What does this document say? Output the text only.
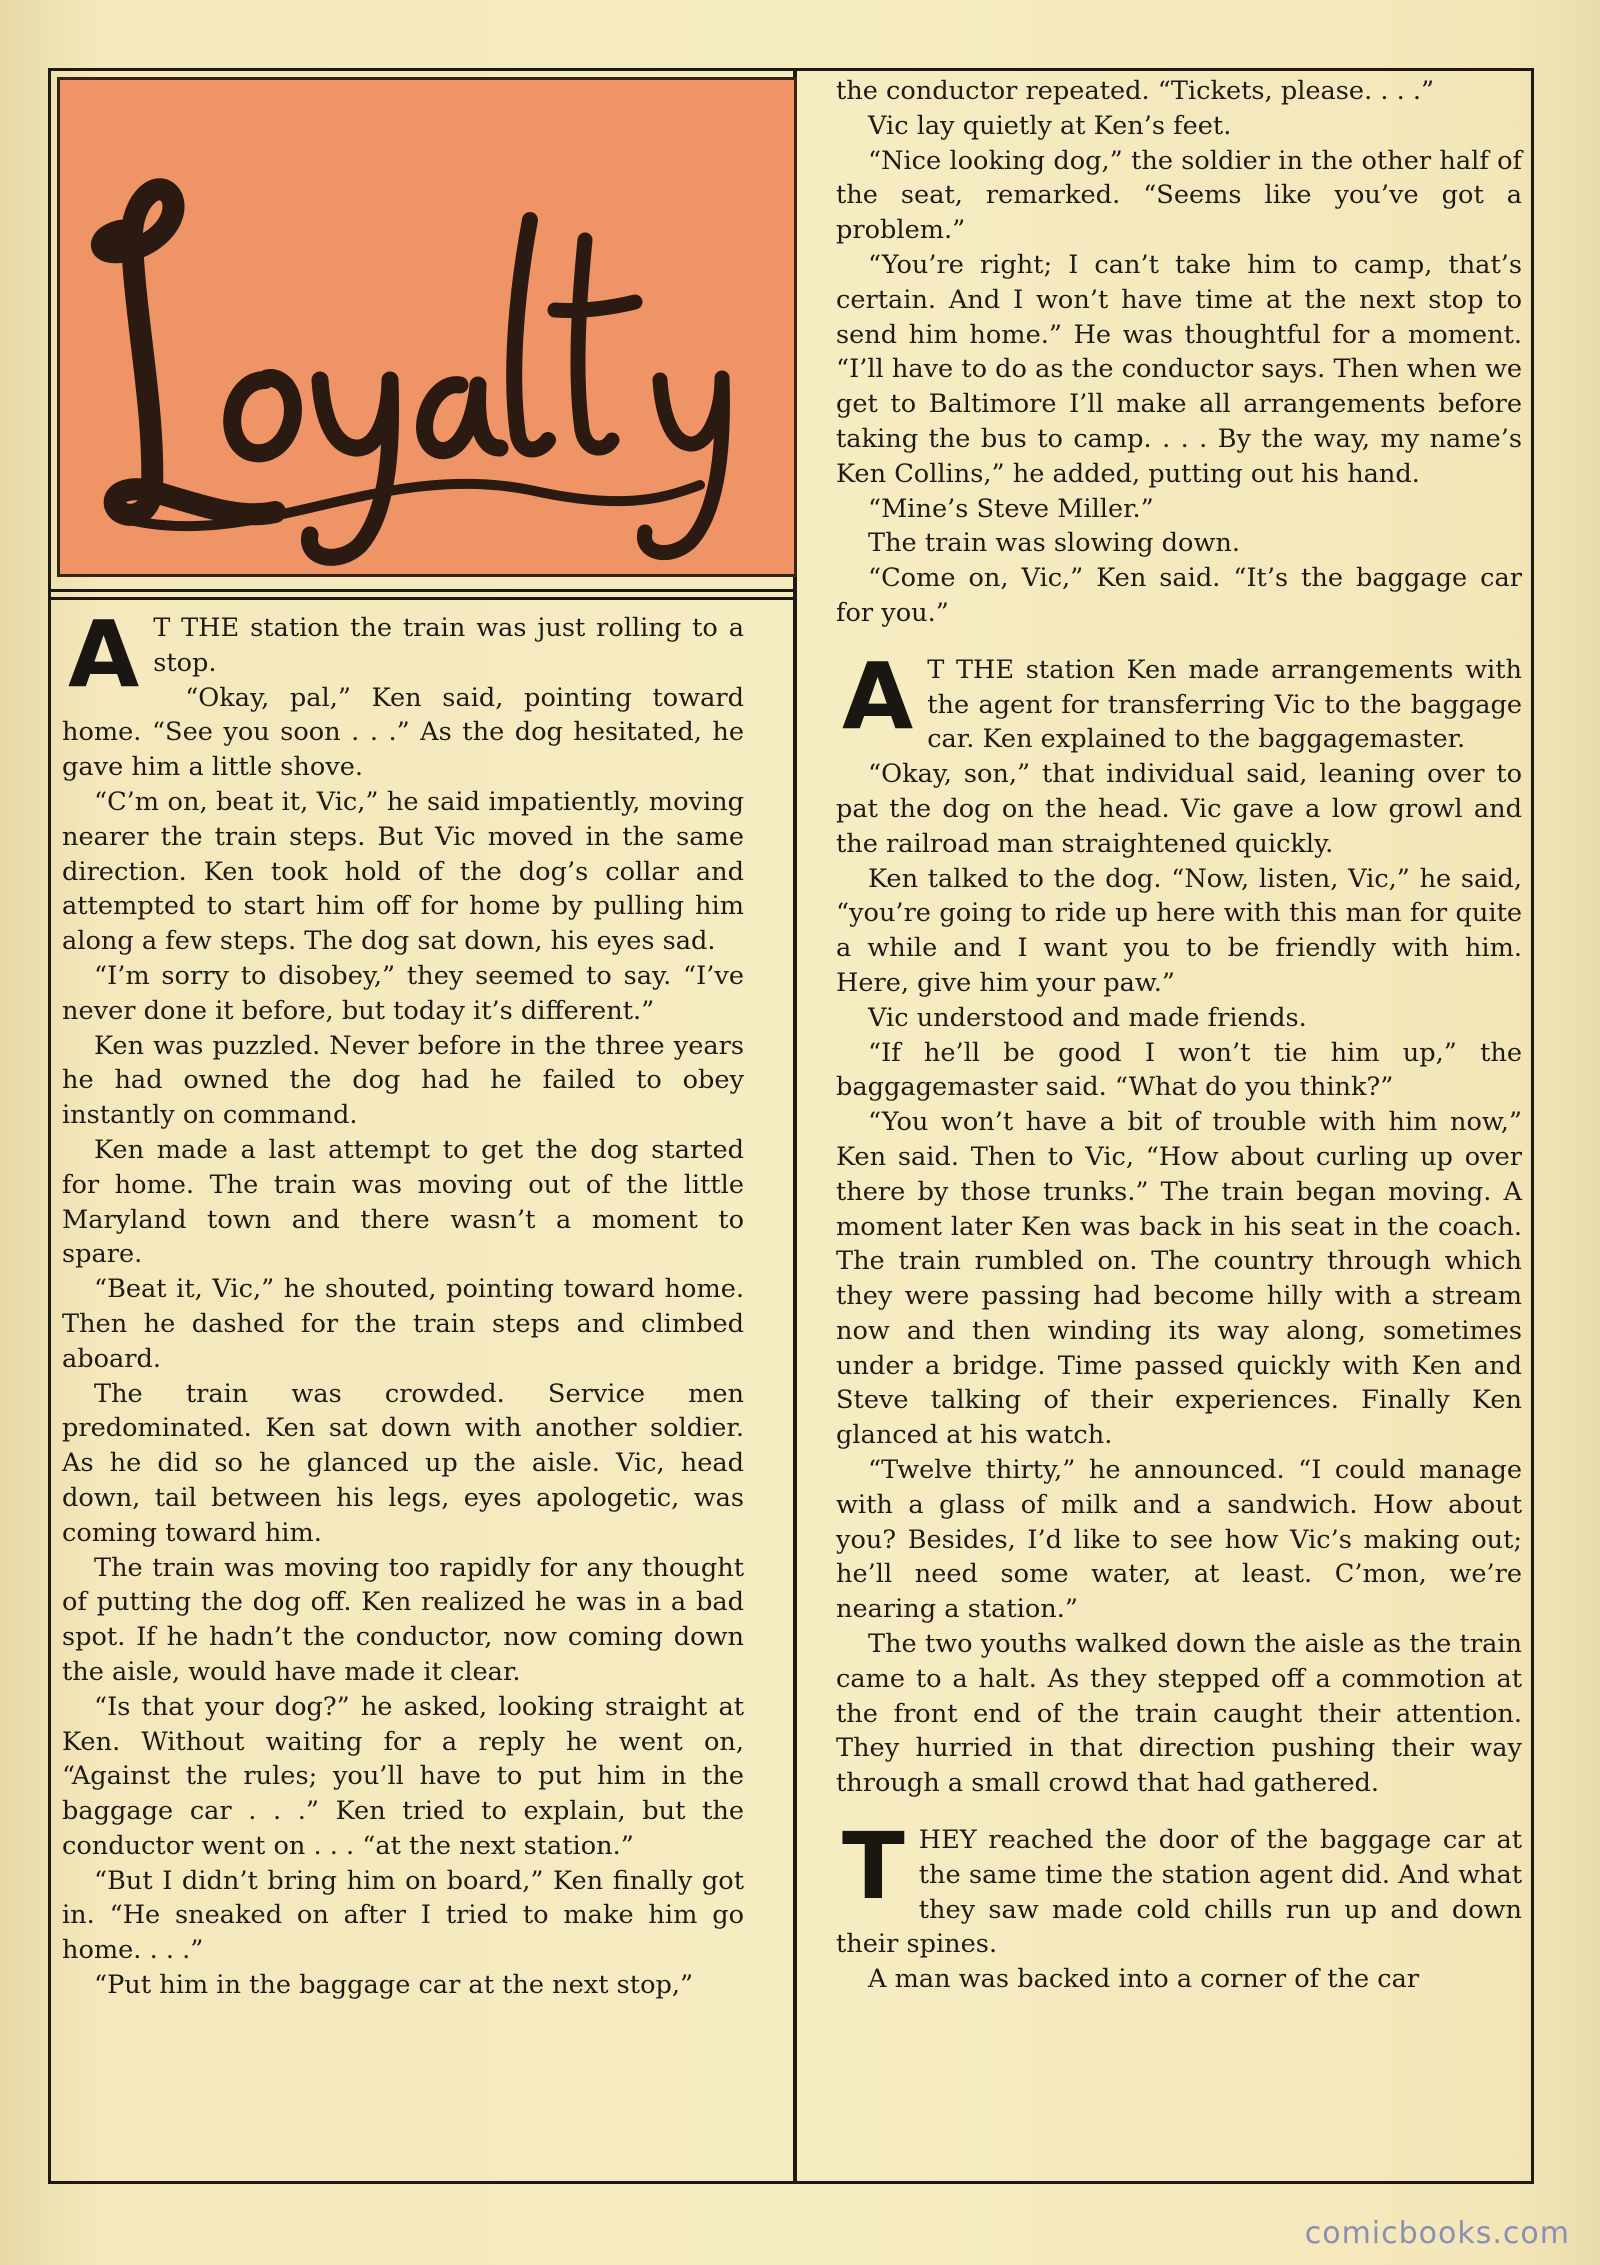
A T THE station the train was just rolling to a stop.

“Okay, pal,” Ken said, pointing toward home. “See you soon . . .” As the dog hesitated, he gave him a little shove.

“C’m on, beat it, Vic,” he said impatiently, moving nearer the train steps. But Vic moved in the same direction. Ken took hold of the dog’s collar and attempted to start him off for home by pulling him along a few steps. The dog sat down, his eyes sad.

“I’m sorry to disobey,” they seemed to say. “I’ve never done it before, but today it’s different.”

Ken was puzzled. Never before in the three years he had owned the dog had he failed to obey instantly on command.

Ken made a last attempt to get the dog started for home. The train was moving out of the little Maryland town and there wasn’t a moment to spare.

“Beat it, Vic,” he shouted, pointing toward home. Then he dashed for the train steps and climbed aboard.

The train was crowded. Service men predominated. Ken sat down with another soldier. As he did so he glanced up the aisle. Vic, head down, tail between his legs, eyes apologetic, was coming toward him.

The train was moving too rapidly for any thought of putting the dog off. Ken realized he was in a bad spot. If he hadn’t the conductor, now coming down the aisle, would have made it clear.

“Is that your dog?” he asked, looking straight at Ken. Without waiting for a reply he went on, “Against the rules; you’ll have to put him in the baggage car . . .” Ken tried to explain, but the conductor went on . . . “at the next station.”

“But I didn’t bring him on board,” Ken finally got in. “He sneaked on after I tried to make him go home. . . .”

“Put him in the baggage car at the next stop,”

the conductor repeated. “Tickets, please. . . .”

Vic lay quietly at Ken’s feet.

“Nice looking dog,” the soldier in the other half of the seat, remarked. “Seems like you’ve got a problem.”

“You’re right; I can’t take him to camp, that’s certain. And I won’t have time at the next stop to send him home.” He was thoughtful for a moment. “I’ll have to do as the conductor says. Then when we get to Baltimore I’ll make all arrangements before taking the bus to camp. . . . By the way, my name’s Ken Collins,” he added, putting out his hand.

“Mine’s Steve Miller.”

The train was slowing down.

“Come on, Vic,” Ken said. “It’s the baggage car for you.”

A T THE station Ken made arrangements with the agent for transferring Vic to the baggage car. Ken explained to the baggagemaster.

“Okay, son,” that individual said, leaning over to pat the dog on the head. Vic gave a low growl and the railroad man straightened quickly.

Ken talked to the dog. “Now, listen, Vic,” he said, “you’re going to ride up here with this man for quite a while and I want you to be friendly with him. Here, give him your paw.”

Vic understood and made friends.

“If he’ll be good I won’t tie him up,” the baggagemaster said. “What do you think?”

“You won’t have a bit of trouble with him now,” Ken said. Then to Vic, “How about curling up over there by those trunks.” The train began moving. A moment later Ken was back in his seat in the coach. The train rumbled on. The country through which they were passing had become hilly with a stream now and then winding its way along, sometimes under a bridge. Time passed quickly with Ken and Steve talking of their experiences. Finally Ken glanced at his watch.

“Twelve thirty,” he announced. “I could manage with a glass of milk and a sandwich. How about you? Besides, I’d like to see how Vic’s making out; he’ll need some water, at least. C’mon, we’re nearing a station.”

The two youths walked down the aisle as the train came to a halt. As they stepped off a commotion at the front end of the train caught their attention. They hurried in that direction pushing their way through a small crowd that had gathered.

T HEY reached the door of the baggage car at the same time the station agent did. And what they saw made cold chills run up and down their spines.

A man was backed into a corner of the car

comicbooks.com
